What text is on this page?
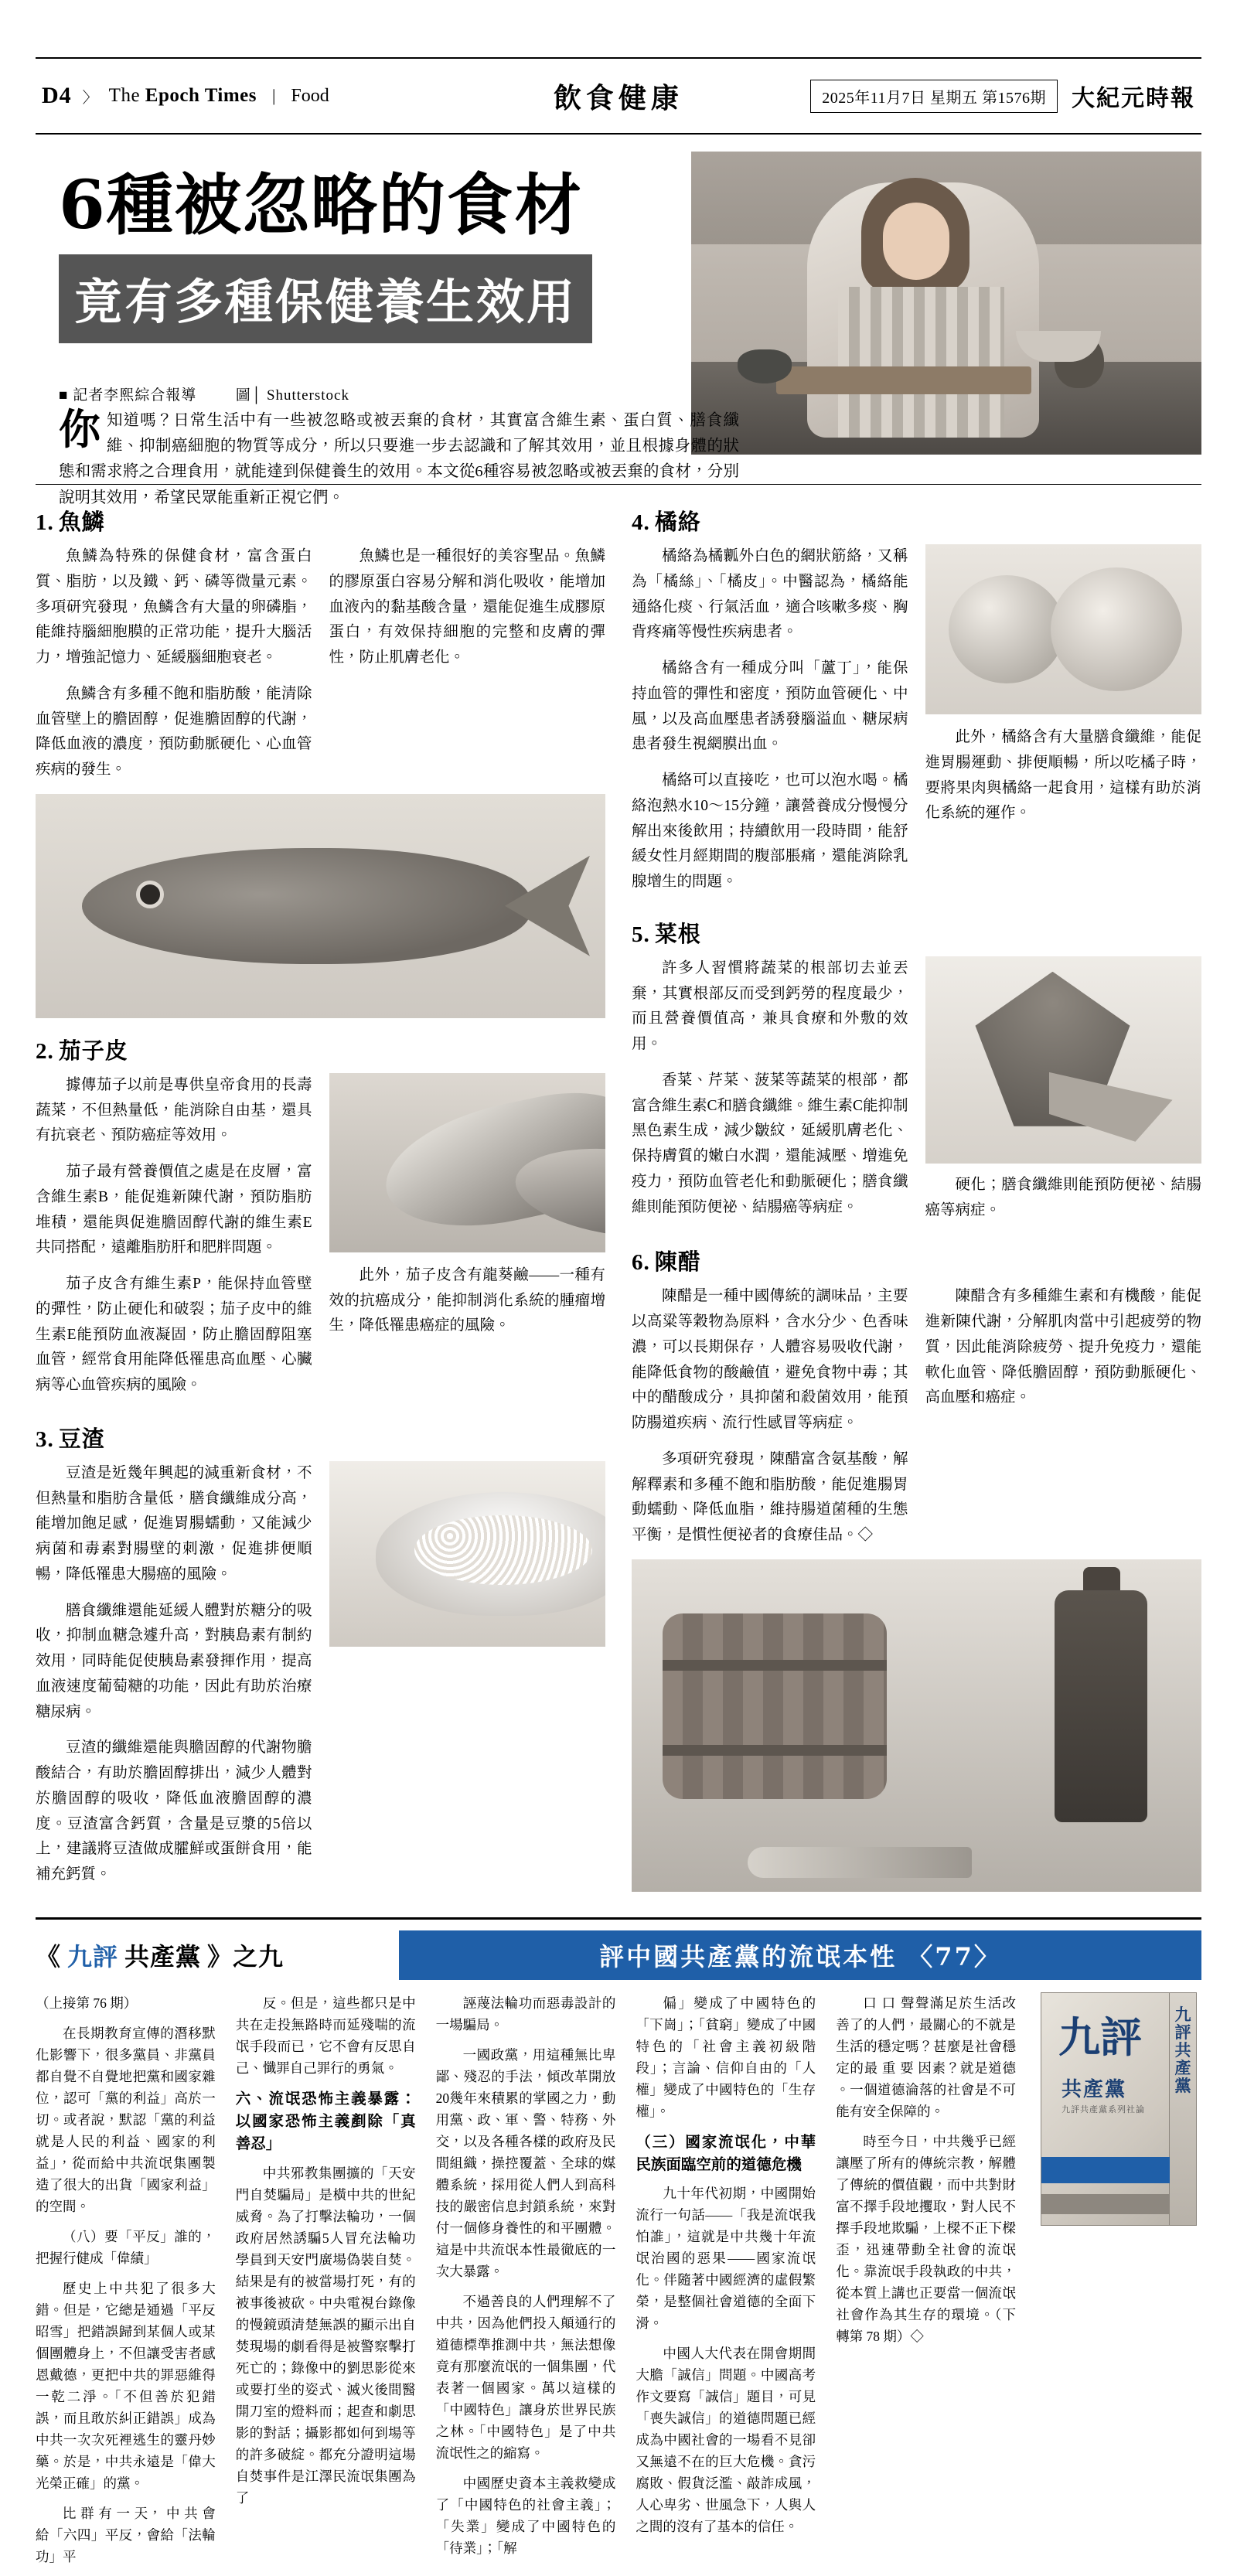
D4 〉 The Epoch Times | Food	飲食健康	2025年11月7日 星期五 第1576期	大紀元時報
6種被忽略的食材
竟有多種保健養生效用
■ 記者李熙綜合報導	圖│ Shutterstock
你知道嗎？日常生活中有一些被忽略或被丟棄的食材，其實富含維生素、蛋白質、膳食纖維、抑制癌細胞的物質等成分，所以只要進一步去認識和了解其效用，並且根據身體的狀態和需求將之合理食用，就能達到保健養生的效用。本文從6種容易被忽略或被丟棄的食材，分別說明其效用，希望民眾能重新正視它們。
1. 魚鱗

魚鱗為特殊的保健食材，富含蛋白質、脂肪，以及鐵、鈣、磷等微量元素。多項研究發現，魚鱗含有大量的卵磷脂，能維持腦細胞膜的正常功能，提升大腦活力，增強記憶力、延緩腦細胞衰老。

魚鱗含有多種不飽和脂肪酸，能清除血管壁上的膽固醇，促進膽固醇的代謝，降低血液的濃度，預防動脈硬化、心血管疾病的發生。

魚鱗也是一種很好的美容聖品。魚鱗的膠原蛋白容易分解和消化吸收，能增加血液內的黏基酸含量，還能促進生成膠原蛋白，有效保持細胞的完整和皮膚的彈性，防止肌膚老化。

2. 茄子皮

據傳茄子以前是專供皇帝食用的長壽蔬菜，不但熱量低，能消除自由基，還具有抗衰老、預防癌症等效用。

茄子最有營養價值之處是在皮層，富含維生素B，能促進新陳代謝，預防脂肪堆積，還能與促進膽固醇代謝的維生素E共同搭配，遠離脂肪肝和肥胖問題。

茄子皮含有維生素P，能保持血管壁的彈性，防止硬化和破裂；茄子皮中的維生素E能預防血液凝固，防止膽固醇阻塞血管，經常食用能降低罹患高血壓、心臟病等心血管疾病的風險。

此外，茄子皮含有龍葵鹼——一種有效的抗癌成分，能抑制消化系統的腫瘤增生，降低罹患癌症的風險。

3. 豆渣

豆渣是近幾年興起的減重新食材，不但熱量和脂肪含量低，膳食纖維成分高，能增加飽足感，促進胃腸蠕動，又能減少病菌和毒素對腸壁的刺激，促進排便順暢，降低罹患大腸癌的風險。

膳食纖維還能延緩人體對於糖分的吸收，抑制血糖急遽升高，對胰島素有制約效用，同時能促使胰島素發揮作用，提高血液速度葡萄糖的功能，因此有助於治療糖尿病。

豆渣的纖維還能與膽固醇的代謝物膽酸結合，有助於膽固醇排出，減少人體對於膽固醇的吸收，降低血液膽固醇的濃度。豆渣富含鈣質，含量是豆漿的5倍以上，建議將豆渣做成臛鮮或蛋餅食用，能補充鈣質。

4. 橘絡

橘絡為橘瓤外白色的網狀筋絡，又稱為「橘絲」、「橘皮」。中醫認為，橘絡能通絡化痰、行氣活血，適合咳嗽多痰、胸背疼痛等慢性疾病患者。

橘絡含有一種成分叫「蘆丁」，能保持血管的彈性和密度，預防血管硬化、中風，以及高血壓患者誘發腦溢血、糖尿病患者發生視網膜出血。

橘絡可以直接吃，也可以泡水喝。橘絡泡熱水10～15分鐘，讓營養成分慢慢分解出來後飲用；持續飲用一段時間，能舒緩女性月經期間的腹部脹痛，還能消除乳腺增生的問題。

此外，橘絡含有大量膳食纖維，能促進胃腸運動、排便順暢，所以吃橘子時，要將果肉與橘絡一起食用，這樣有助於消化系統的運作。

5. 菜根

許多人習慣將蔬菜的根部切去並丟棄，其實根部反而受到鈣勞的程度最少，而且營養價值高，兼具食療和外敷的效用。

香菜、芹菜、菠菜等蔬菜的根部，都富含維生素C和膳食纖維。維生素C能抑制黑色素生成，減少皺紋，延緩肌膚老化、保持膚質的嫩白水潤，還能減壓、增進免疫力，預防血管老化和動脈硬化；膳食纖維則能預防便祕、結腸癌等病症。

硬化；膳食纖維則能預防便祕、結腸癌等病症。

6. 陳醋

陳醋是一種中國傳統的調味品，主要以高粱等穀物為原料，含水分少、色香味濃，可以長期保存，人體容易吸收代謝，能降低食物的酸鹼值，避免食物中毒；其中的醋酸成分，具抑菌和殺菌效用，能預防腸道疾病、流行性感冒等病症。

多項研究發現，陳醋富含氨基酸，解解釋素和多種不飽和脂肪酸，能促進腸胃動蠕動、降低血脂，維持腸道菌種的生態平衡，是慣性便祕者的食療佳品。◇

陳醋含有多種維生素和有機酸，能促進新陳代謝，分解肌肉當中引起疲勞的物質，因此能消除疲勞、提升免疫力，還能軟化血管、降低膽固醇，預防動脈硬化、高血壓和癌症。

《 九評 共產黨 》之九	評中國共產黨的流氓本性
〈77〉

（上接第 76 期）

在長期教育宣傳的潛移默化影響下，很多黨員、非黨員都自覺不自覺地把黨和國家雜位，認可「黨的利益」高於一切。或者說，默認「黨的利益就是人民的利益、國家的利益」，從而給中共流氓集團製造了很大的出貨「國家利益」的空間。

（八）要「平反」誰的，把握行健成「偉績」

歷史上中共犯了很多大錯。但是，它總是通過「平反昭雪」把錯誤歸到某個人或某個團體身上，不但讓受害者感恩戴德，更把中共的罪惡維得一乾二淨。「不但善於犯錯誤，而且敢於糾正錯誤」成為中共一次次死裡逃生的靈丹妙藥。於是，中共永遠是「偉大光榮正確」的黨。

比 群 有 一 天， 中 共 會 給「六四」平反，會給「法輪功」平

反。但是，這些都只是中共在走投無路時而延殘喘的流氓手段而已，它不會有反思自己、懺罪自己罪行的勇氣。

六、流氓恐怖主義暴露：以國家恐怖主義剷除「真善忍」

中共邪教集團擴的「天安門自焚騙局」是橫中共的世紀威脅。為了打擊法輪功，一個政府居然誘騙5人冒充法輪功學員到天安門廣場偽裝自焚。結果是有的被當場打死，有的被事後被砍。中央電視台錄像的慢鏡頭清楚無誤的顯示出自焚現場的劇看得是被警察擊打死亡的；錄像中的劉思影從來或要打坐的姿式、滅火後間醫開刀室的燈料而；起查和劇思影的對話；攝影都如何到場等的許多破綻。都充分證明這場自焚事件是江澤民流氓集團為了

誣蔑法輪功而惡毒設計的一場騙局。

一國政黨，用這種無比卑鄙、殘忍的手法，傾改革開放20幾年來積累的掌國之力，動用黨、政、軍、警、特務、外交，以及各種各樣的政府及民間組織，操控覆蓋、全球的媒體系統，採用從人們人到高科技的嚴密信息封鎖系統，來對付一個修身養性的和平團體。這是中共流氓本性最徹底的一次大暴露。

不過善良的人們理解不了中共，因為他們投入顛通行的道德標準推測中共，無法想像竟有那麼流氓的一個集團，代表著一個國家。萬以這樣的「中國特色」讓身於世界民族之林。「中國特色」是了中共流氓性之的縮寫。

中國歷史資本主義救變成了「中國特色的社會主義」；「失業」變成了中國特色的「待業」；「解

偏」變成了中國特色的「下崗」；「貧窮」變成了中國特色的「社會主義初級階段」；言論、信仰自由的「人權」變成了中國特色的「生存權」。

（三）國家流氓化，中華民族面臨空前的道德危機

九十年代初期，中國開始流行一句話——「我是流氓我怕誰」，這就是中共幾十年流氓治國的惡果——國家流氓化。伴隨著中國經濟的虛假繁榮，是整個社會道德的全面下滑。

中國人大代表在開會期間大膽「誠信」問題。中國高考作文要寫「誠信」題目，可見「喪失誠信」的道德問題已經成為中國社會的一場看不見卻又無遠不在的巨大危機。貪污腐敗、假貨泛濫、敲詐成風，人心卑劣、世風急下，人與人之間的沒有了基本的信任。

口 口 聲聲滿足於生活改善了的人們，最關心的不就是生活的穩定嗎？甚麼是社會穩定的最 重 要 因素？就是道德 。一個道德淪落的社會是不可能有安全保障的。

時至今日，中共幾乎已經讓壓了所有的傳統宗教，解體了傳統的價值觀，而中共對財富不擇手段地攫取，對人民不擇手段地欺騙，上樑不正下樑歪，迅速帶動全社會的流氓化。靠流氓手段執政的中共，從本質上講也正要當一個流氓社會作為其生存的環境。（下轉第 78 期）◇

九評
共產黨
九評共產黨系列社論
九評共產黨
